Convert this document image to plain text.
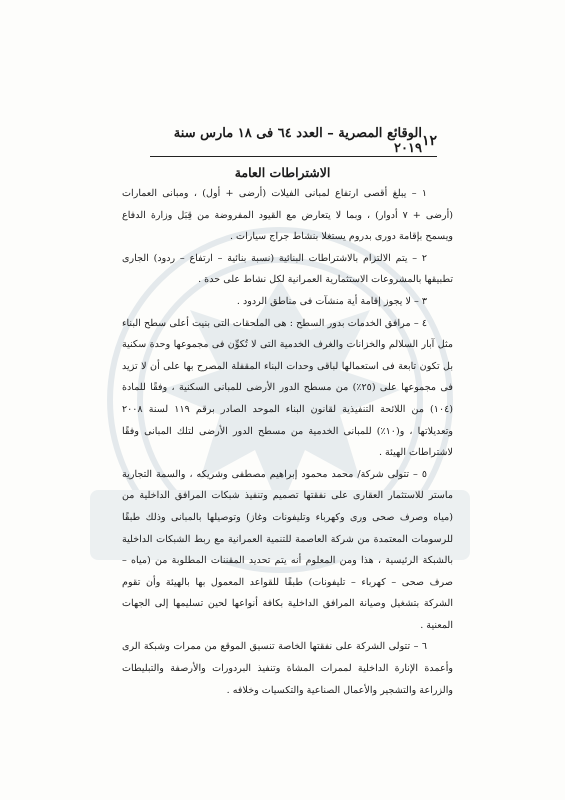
١٢
الوقائع المصرية – العدد ٦٤ فى ١٨ مارس سنة ٢٠١٩
الاشتراطات العامة

١ – يبلغ أقصى ارتفاع لمبانى الفيلات (أرضى + أول) ، ومبانى العمارات (أرضى + ٧ أدوار) ، وبما لا يتعارض مع القيود المفروضة من قِبَل وزارة الدفاع ويسمح بإقامة دورى بدروم يستغلا بنشاط جراج سيارات .

٢ – يتم الالتزام بالاشتراطات البنائية (نسبة بنائية – ارتفاع – ردود) الجارى تطبيقها بالمشروعات الاستثمارية العمرانية لكل نشاط على حدة .

٣ – لا يجوز إقامة أية منشآت فى مناطق الردود .

٤ – مرافق الخدمات بدور السطح : هى الملحقات التى بنيت أعلى سطح البناء مثل آبار السلالم والخزانات والغرف الخدمية التى لا تُكوِّن فى مجموعها وحدة سكنية بل تكون تابعة فى استعمالها لباقى وحدات البناء المقفلة المصرح بها على أن لا تزيد فى مجموعها على (٢٥٪) من مسطح الدور الأرضى للمبانى السكنية ، وفقًا للمادة (١٠٤) من اللائحة التنفيذية لقانون البناء الموحد الصادر برقم ١١٩ لسنة ٢٠٠٨ وتعديلاتها ، و(١٠٪) للمبانى الخدمية من مسطح الدور الأرضى لتلك المبانى وفقًا لاشتراطات الهيئة .

٥ – تتولى شركة/ محمد محمود إبراهيم مصطفى وشريكه ، والسمة التجارية ماستر للاستثمار العقارى على نفقتها تصميم وتنفيذ شبكات المرافق الداخلية من (مياه وصرف صحى ورى وكهرباء وتليفونات وغاز) وتوصيلها بالمبانى وذلك طبقًا للرسومات المعتمدة من شركة العاصمة للتنمية العمرانية مع ربط الشبكات الداخلية بالشبكة الرئيسية ، هذا ومن المعلوم أنه يتم تحديد المقننات المطلوبة من (مياه – صرف صحى – كهرباء – تليفونات) طبقًا للقواعد المعمول بها بالهيئة وأن تقوم الشركة بتشغيل وصيانة المرافق الداخلية بكافة أنواعها لحين تسليمها إلى الجهات المعنية .

٦ – تتولى الشركة على نفقتها الخاصة تنسيق الموقع من ممرات وشبكة الرى وأعمدة الإنارة الداخلية لممرات المشاة وتنفيذ البردورات والأرصفة والتبليطات والزراعة والتشجير والأعمال الصناعية والتكسيات وخلافه .
